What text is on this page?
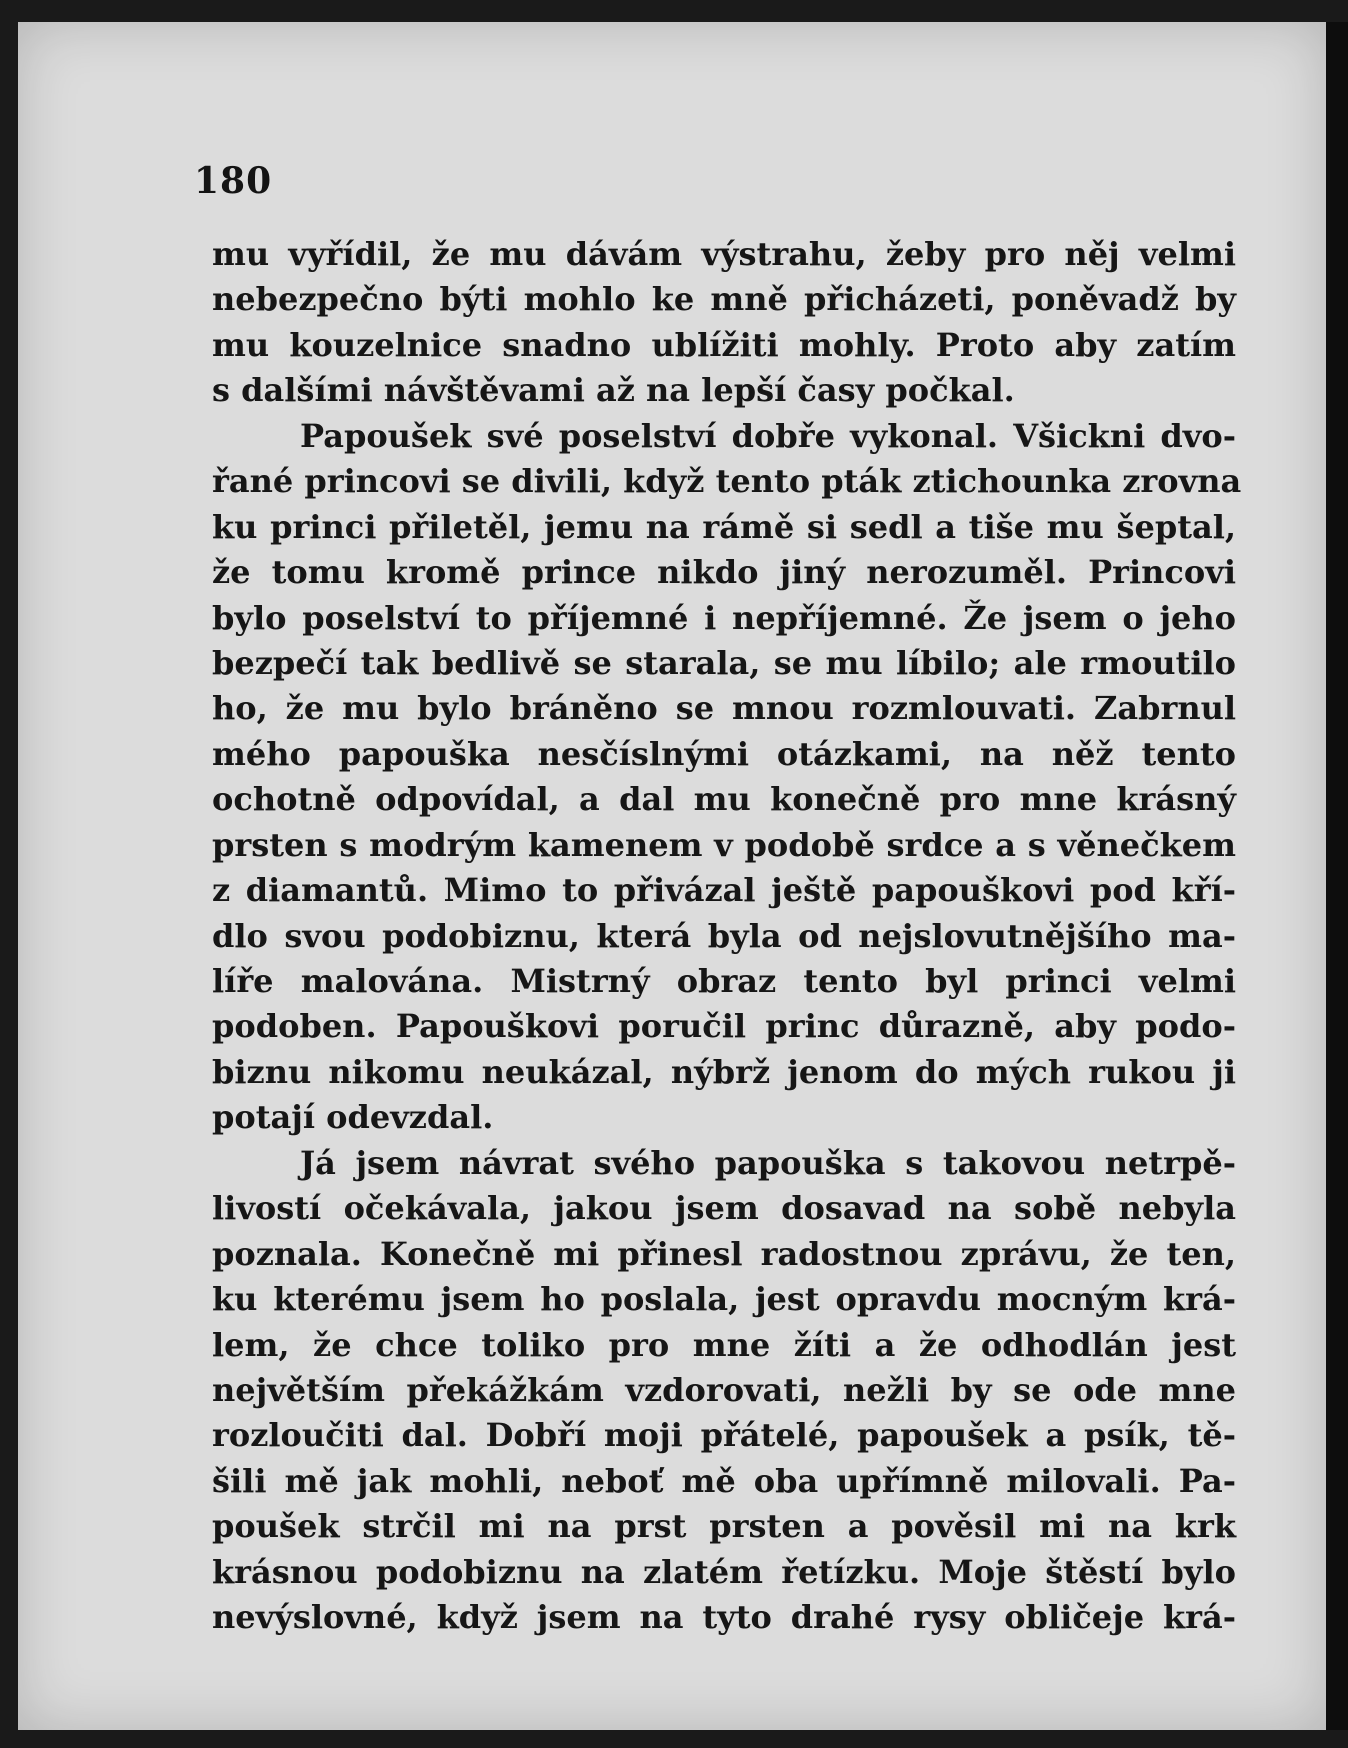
180
mu vyřídil, že mu dávám výstrahu, žeby pro něj velmi
nebezpečno býti mohlo ke mně přicházeti, poněvadž by
mu kouzelnice snadno ublížiti mohly. Proto aby zatím
s dalšími návštěvami až na lepší časy počkal.
Papoušek své poselství dobře vykonal. Všickni dvo-
řané princovi se divili, když tento pták ztichounka zrovna
ku princi přiletěl, jemu na rámě si sedl a tiše mu šeptal,
že tomu kromě prince nikdo jiný nerozuměl. Princovi
bylo poselství to příjemné i nepříjemné. Že jsem o jeho
bezpečí tak bedlivě se starala, se mu líbilo; ale rmoutilo
ho, že mu bylo bráněno se mnou rozmlouvati. Zabrnul
mého papouška nesčíslnými otázkami, na něž tento
ochotně odpovídal, a dal mu konečně pro mne krásný
prsten s modrým kamenem v podobě srdce a s věnečkem
z diamantů. Mimo to přivázal ještě papouškovi pod kří-
dlo svou podobiznu, která byla od nejslovutnějšího ma-
líře malována. Mistrný obraz tento byl princi velmi
podoben. Papouškovi poručil princ důrazně, aby podo-
biznu nikomu neukázal, nýbrž jenom do mých rukou ji
potají odevzdal.
Já jsem návrat svého papouška s takovou netrpě-
livostí očekávala, jakou jsem dosavad na sobě nebyla
poznala. Konečně mi přinesl radostnou zprávu, že ten,
ku kterému jsem ho poslala, jest opravdu mocným krá-
lem, že chce toliko pro mne žíti a že odhodlán jest
největším překážkám vzdorovati, nežli by se ode mne
rozloučiti dal. Dobří moji přátelé, papoušek a psík, tě-
šili mě jak mohli, neboť mě oba upřímně milovali. Pa-
poušek strčil mi na prst prsten a pověsil mi na krk
krásnou podobiznu na zlatém řetízku. Moje štěstí bylo
nevýslovné, když jsem na tyto drahé rysy obličeje krá-
